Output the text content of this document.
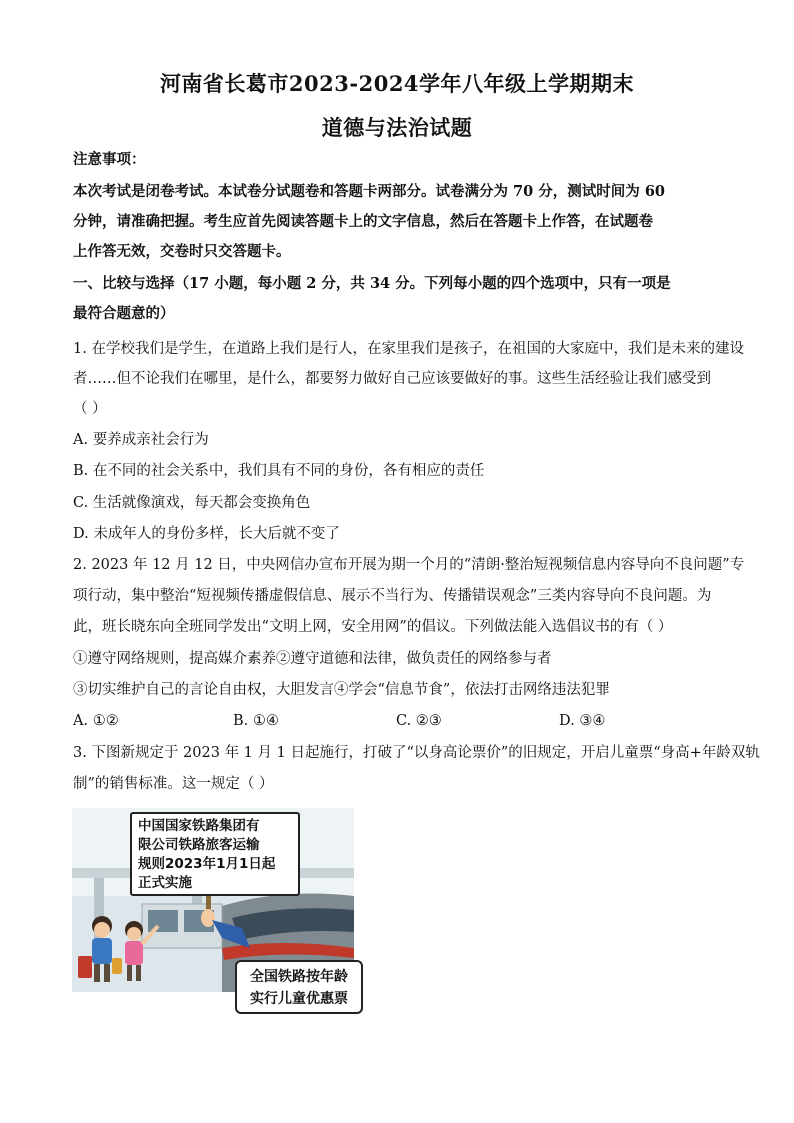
河南省长葛市2023-2024学年八年级上学期期末
道德与法治试题
注意事项：
本次考试是闭卷考试。本试卷分试题卷和答题卡两部分。试卷满分为 70 分，测试时间为 60
分钟，请准确把握。考生应首先阅读答题卡上的文字信息，然后在答题卡上作答，在试题卷
上作答无效，交卷时只交答题卡。
一、比较与选择（17 小题，每小题 2 分，共 34 分。下列每小题的四个选项中，只有一项是
最符合题意的）
1. 在学校我们是学生，在道路上我们是行人，在家里我们是孩子，在祖国的大家庭中，我们是未来的建设
者……但不论我们在哪里，是什么，都要努力做好自己应该要做好的事。这些生活经验让我们感受到
（ ）
A. 要养成亲社会行为
B. 在不同的社会关系中，我们具有不同的身份，各有相应的责任
C. 生活就像演戏，每天都会变换角色
D. 未成年人的身份多样，长大后就不变了
2. 2023 年 12 月 12 日，中央网信办宣布开展为期一个月的“清朗·整治短视频信息内容导向不良问题”专
项行动，集中整治“短视频传播虚假信息、展示不当行为、传播错误观念”三类内容导向不良问题。为
此，班长晓东向全班同学发出“文明上网，安全用网”的倡议。下列做法能入选倡议书的有（ ）
①遵守网络规则，提高媒介素养②遵守道德和法律，做负责任的网络参与者
③切实维护自己的言论自由权，大胆发言④学会“信息节食”，依法打击网络违法犯罪
A. ①②	B. ①④	C. ②③	D. ③④
3. 下图新规定于 2023 年 1 月 1 日起施行，打破了“以身高论票价”的旧规定，开启儿童票“身高+年龄双轨
制”的销售标准。这一规定（ ）
中国国家铁路集团有
限公司铁路旅客运输
规则2023年1月1日起
正式实施
全国铁路按年龄
实行儿童优惠票
